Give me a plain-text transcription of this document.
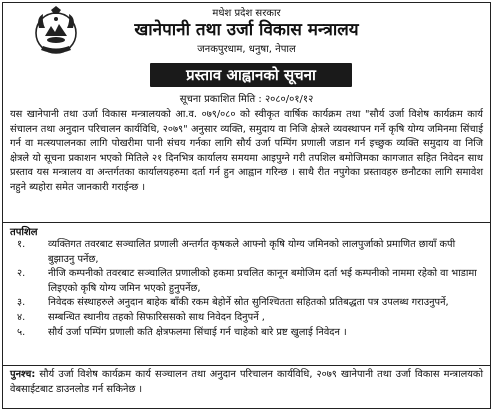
मधेश प्रदेश सरकार
खानेपानी तथा उर्जा विकास मन्त्रालय
जनकपुरधाम, धनुषा, नेपाल
प्रस्ताव आह्वानको सूचना
सूचना प्रकाशित मिति : २०८०/०१/१२
यस खानेपानी तथा उर्जा विकास मन्त्रालयको आ.व. ०७९/०८० को स्वीकृत वार्षिक कार्यक्रम तथा "सौर्य उर्जा विशेष कार्यक्रम कार्य संचालन तथा अनुदान परिचालन कार्यविधि, २०७९" अनुसार व्यक्ति, समुदाय वा निजि क्षेत्रले व्यवस्थापन गर्ने कृषि योग्य जमिनमा सिंचाई गर्न वा मत्स्यपालनका लागि पोखरीमा पानी संचय गर्नका लागि सौर्य उर्जा पम्पिंग प्रणाली जडान गर्न इच्छुक व्यक्ति समुदाय वा निजि क्षेत्रले यो सूचना प्रकाशन भएको मितिले २१ दिनभित्र कार्यालय समयमा आइपुग्ने गरी तपशिल बमोजिमका कागजात सहित निवेदन साथ प्रस्ताव यस मन्त्रालय वा अन्तर्गतका कार्यालयहरुमा दर्ता गर्न हुन आह्वान गरिन्छ । साथै रीत नपुगेका प्रस्तावहरु छनौटका लागि समावेश नहुने ब्यहोरा समेत जानकारी गराईन्छ ।
तपशिल
१.	व्यक्तिगत तवरबाट सञ्चालित प्रणाली अन्तर्गत कृषकले आफ्नो कृषि योग्य जमिनको लालपुर्जाको प्रमाणित छायाँ कपी बुझाउनु पर्नेछ,
२.	नीजि कम्पनीको तवरबाट सञ्चालित प्रणालीको हकमा प्रचलित कानून बमोजिम दर्ता भई कम्पनीको नाममा रहेको वा भाडामा लिइएको कृषि योग्य जमिन भएको हुनुपर्नेछ,
३.	निवेदक संस्थाहरुले अनुदान बाहेक बाँकी रकम बेहोर्ने स्रोत सुनिश्चितता सहितको प्रतिबद्धता पत्र उपलब्ध गराउनुपर्ने,
४.	सम्बन्धित स्थानीय तहको सिफारिससको साथ निवेदन दिनुपर्ने ,
५.	सौर्य उर्जा पम्पिंग प्रणाली कति क्षेत्रफलमा सिंचाई गर्न चाहेको बारे प्रष्ट खुलाई निवेदन ।
पुनश्च: सौर्य उर्जा विशेष कार्यक्रम कार्य सञ्चालन तथा अनुदान परिचालन कार्यविधि, २०७९ खानेपानी तथा उर्जा विकास मन्त्रालयको वेबसाईटबाट डाउनलोड गर्न सकिनेछ ।
